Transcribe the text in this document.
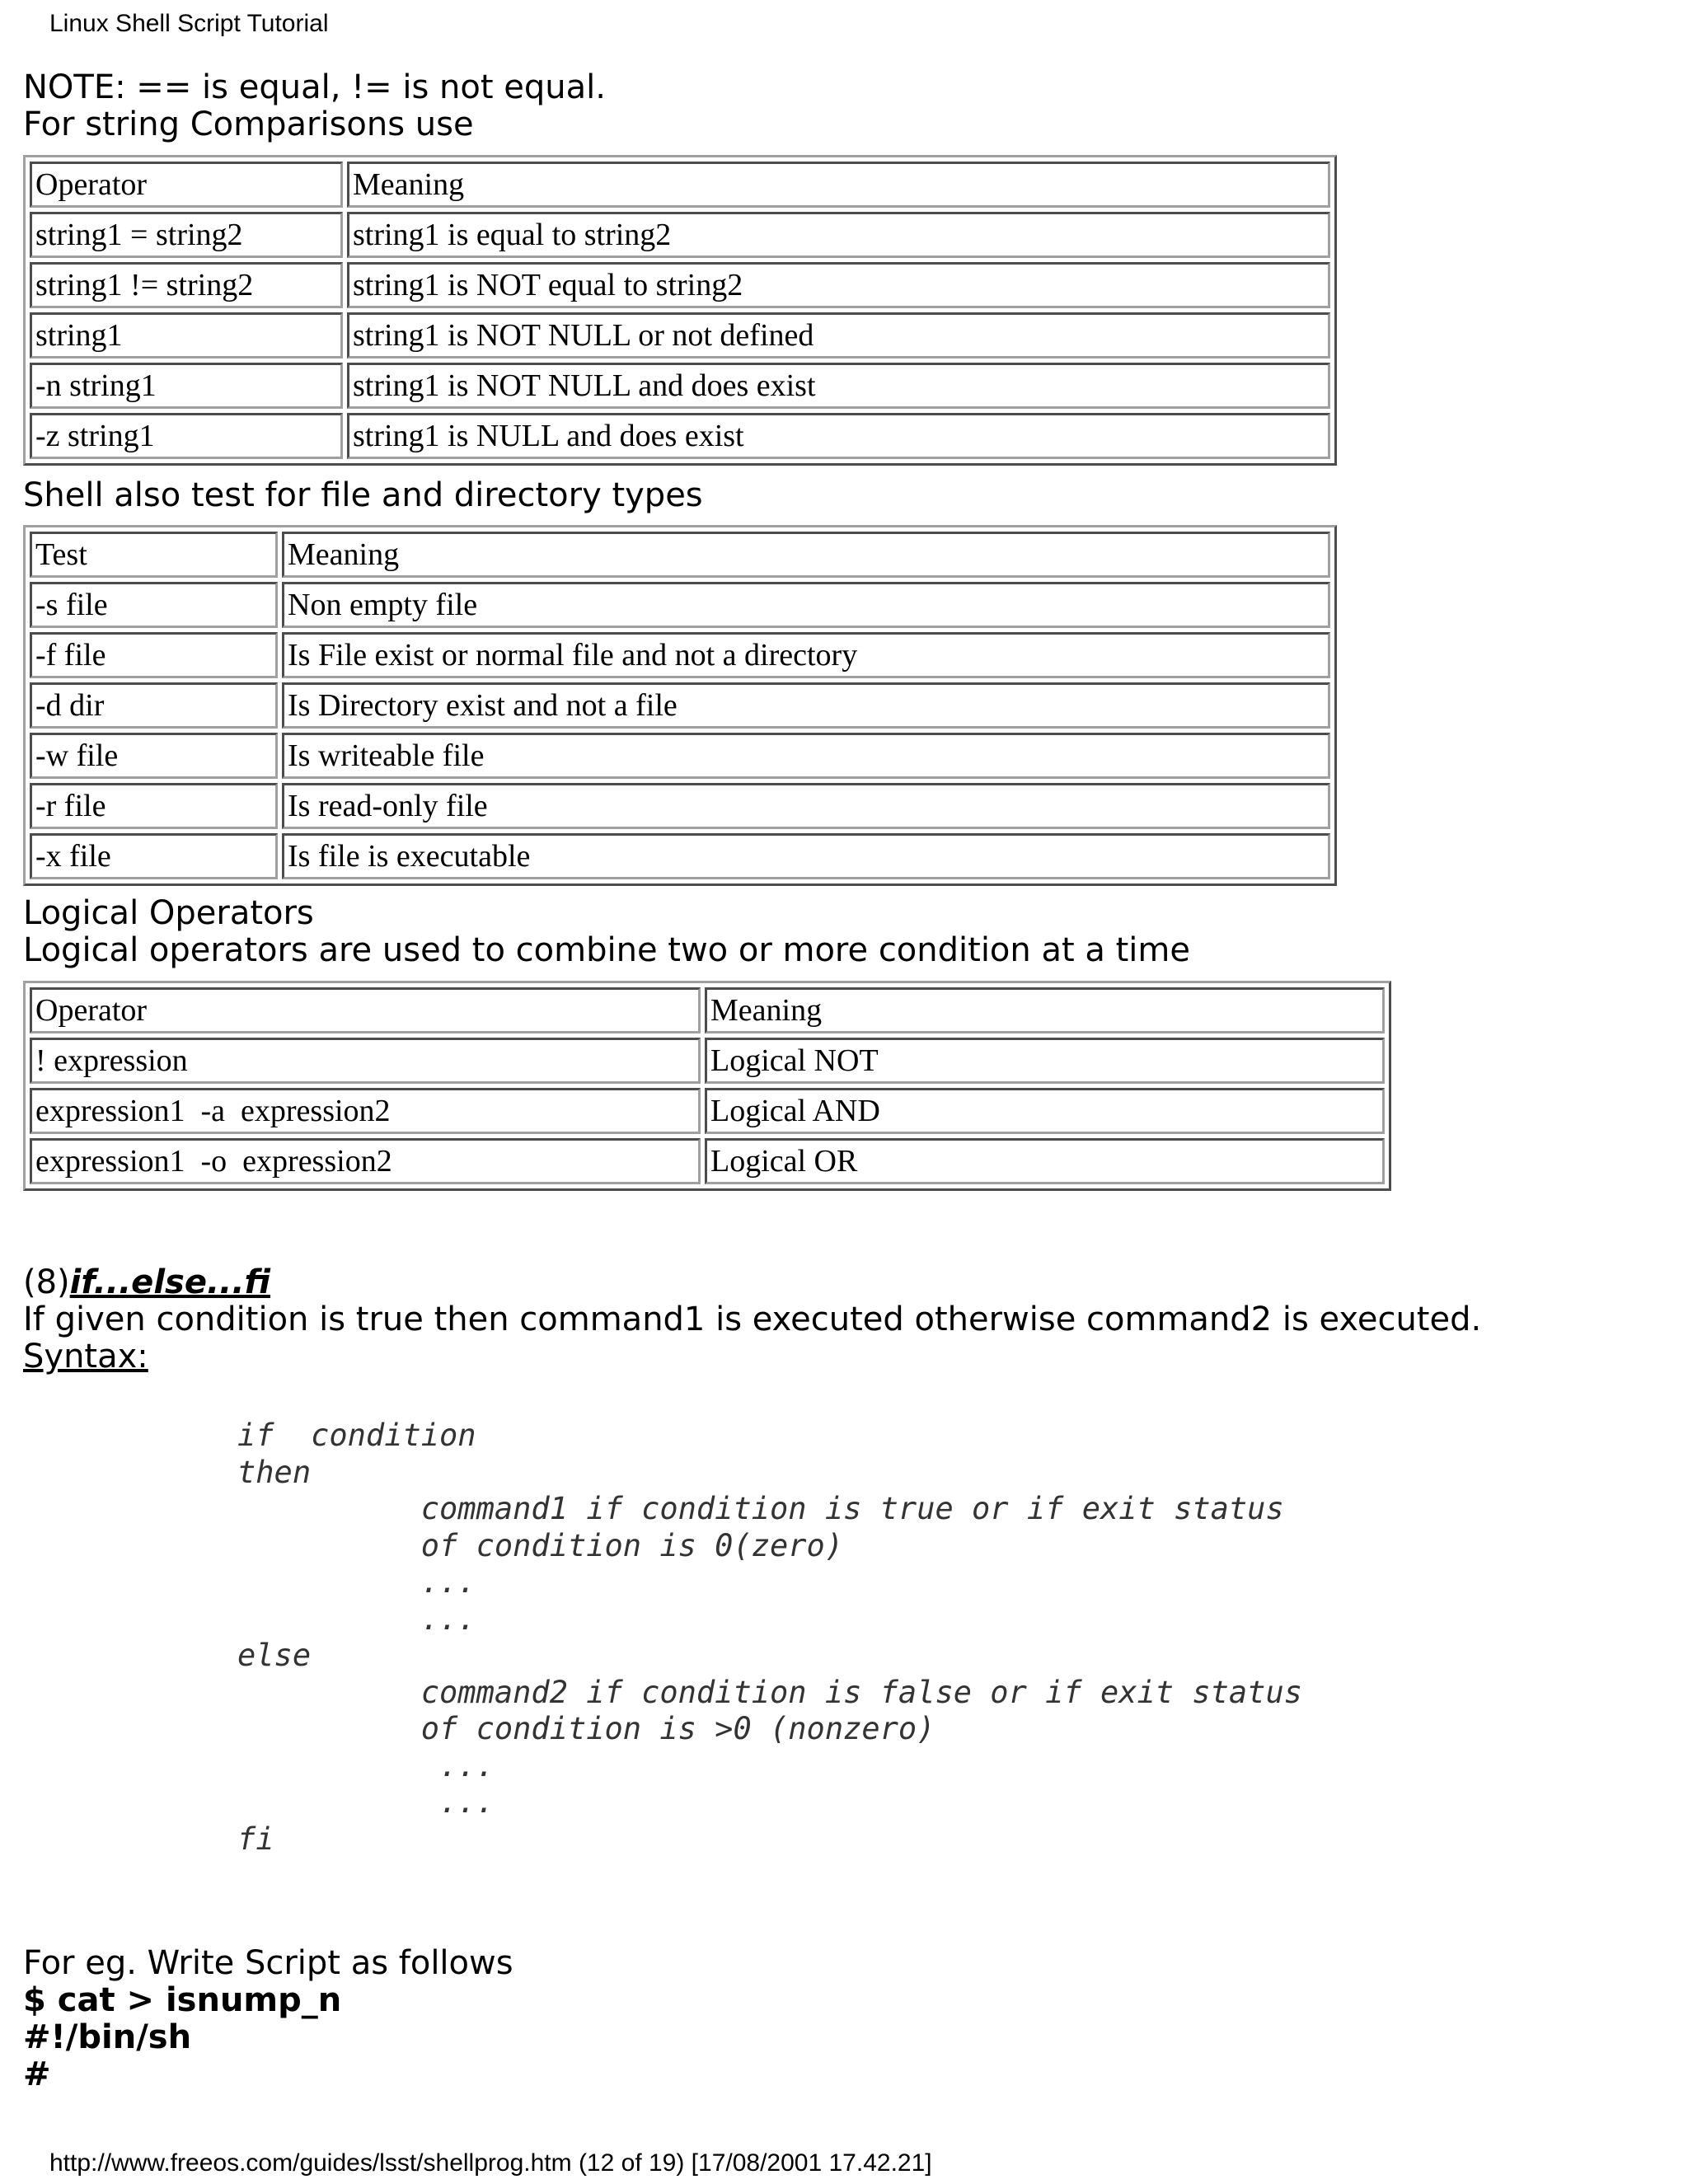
Linux Shell Script Tutorial
NOTE: == is equal, != is not equal.
For string Comparisons use
Operator	Meaning
string1 = string2	string1 is equal to string2
string1 != string2	string1 is NOT equal to string2
string1	string1 is NOT NULL or not defined
-n string1	string1 is NOT NULL and does exist
-z string1	string1 is NULL and does exist
Shell also test for file and directory types
Test	Meaning
-s file	Non empty file
-f file	Is File exist or normal file and not a directory
-d dir	Is Directory exist and not a file
-w file	Is writeable file
-r file	Is read-only file
-x file	Is file is executable
Logical Operators
Logical operators are used to combine two or more condition at a time
Operator	Meaning
! expression	Logical NOT
expression1  -a  expression2	Logical AND
expression1  -o  expression2	Logical OR
(8)if...else...fi
If given condition is true then command1 is executed otherwise command2 is executed.
Syntax:
if  condition
then
command1 if condition is true or if exit status
of condition is 0(zero)
...
...
else
command2 if condition is false or if exit status
of condition is >0 (nonzero)
...
...
fi
For eg. Write Script as follows
$ cat > isnump_n
#!/bin/sh
#
http://www.freeos.com/guides/lsst/shellprog.htm (12 of 19) [17/08/2001 17.42.21]
